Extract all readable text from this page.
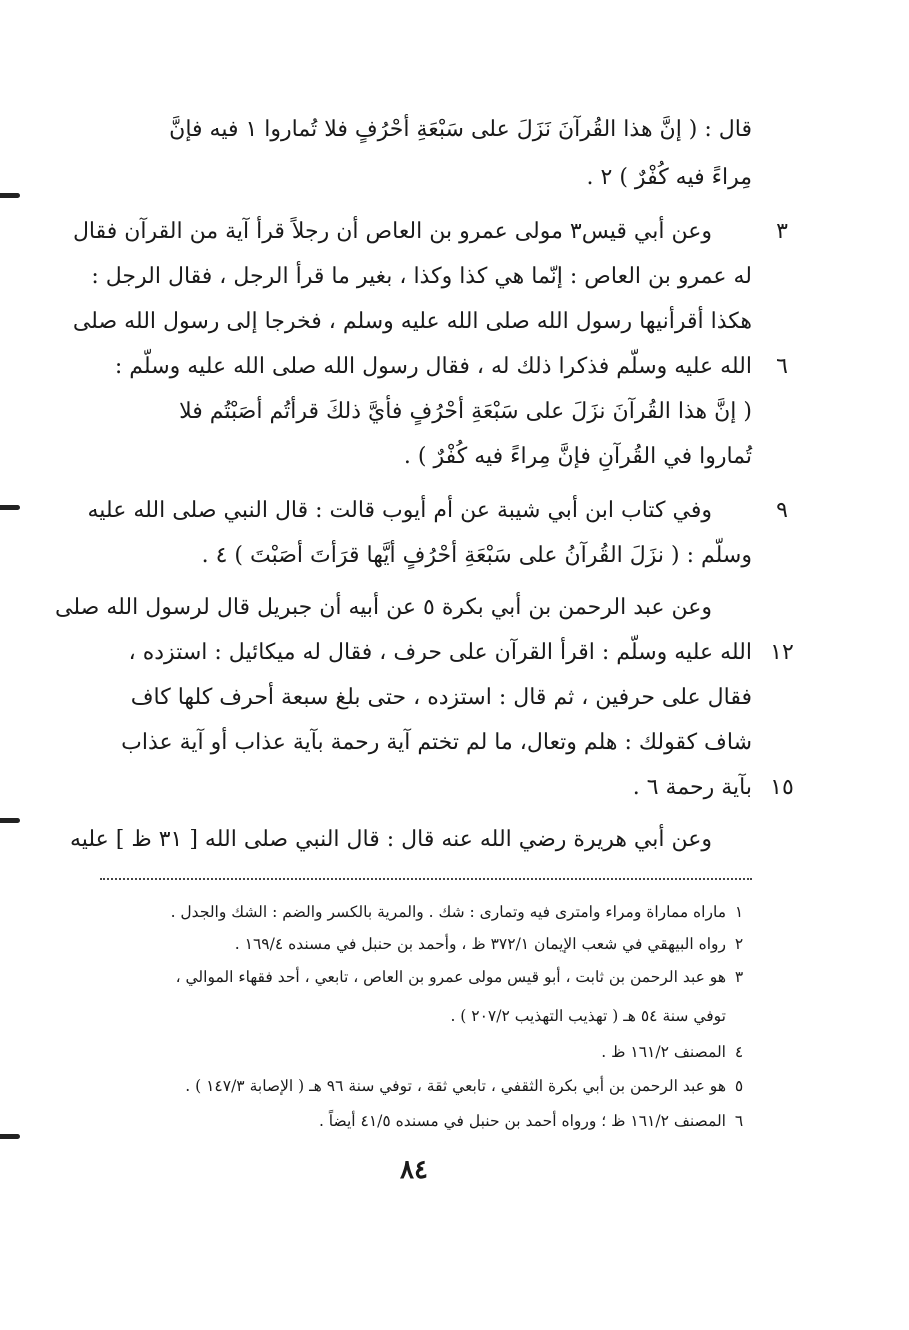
قال : ( إنَّ هذا القُرآنَ نَزَلَ على سَبْعَةِ أحْرُفٍ فلا تُماروا ١ فيه فإنَّ
مِراءً فيه كُفْرٌ ) ٢ .
وعن أبي قيس٣ مولى عمرو بن العاص أن رجلاً قرأ آية من القرآن فقال	٣
له عمرو بن العاص : إنّما هي كذا وكذا ، بغير ما قرأ الرجل ، فقال الرجل :
هكذا أقرأنيها رسول الله صلى الله عليه وسلم ، فخرجا إلى رسول الله صلى
الله عليه وسلّم فذكرا ذلك له ، فقال رسول الله صلى الله عليه وسلّم :	٦
( إنَّ هذا القُرآنَ نزَلَ على سَبْعَةِ أحْرُفٍ فأيَّ ذلكَ قرأتُم أصَبْتُم فلا
تُماروا في القُرآنِ فإنَّ مِراءً فيه كُفْرٌ ) .
وفي كتاب ابن أبي شيبة عن أم أيوب قالت : قال النبي صلى الله عليه	٩
وسلّم : ( نزَلَ القُرآنُ على سَبْعَةِ أحْرُفٍ أيَّها قرَأتَ أصَبْتَ ) ٤ .
وعن عبد الرحمن بن أبي بكرة ٥ عن أبيه أن جبريل قال لرسول الله صلى
الله عليه وسلّم : اقرأ القرآن على حرف ، فقال له ميكائيل : استزده ، ١٢
فقال على حرفين ، ثم قال : استزده ، حتى بلغ سبعة أحرف كلها كاف
شاف كقولك : هلم وتعال، ما لم تختم آية رحمة بآية عذاب أو آية عذاب
بآية رحمة ٦ . ١٥
وعن أبي هريرة رضي الله عنه قال : قال النبي صلى الله [ ٣١ ظ ] عليه
١
ماراه مماراة ومراء وامترى فيه وتمارى : شك . والمرية بالكسر والضم : الشك والجدل .
٢
رواه البيهقي في شعب الإيمان ٣٧٢/١ ظ ، وأحمد بن حنبل في مسنده ١٦٩/٤ .
٣
هو عبد الرحمن بن ثابت ، أبو قيس مولى عمرو بن العاص ، تابعي ، أحد فقهاء الموالي ،
توفي سنة ٥٤ هـ ( تهذيب التهذيب ٢٠٧/٢ ) .
٤
المصنف ١٦١/٢ ظ .
٥
هو عبد الرحمن بن أبي بكرة الثقفي ، تابعي ثقة ، توفي سنة ٩٦ هـ ( الإصابة ١٤٧/٣ ) .
٦
المصنف ١٦١/٢ ظ ؛ ورواه أحمد بن حنبل في مسنده ٤١/٥ أيضاً .
٨٤
